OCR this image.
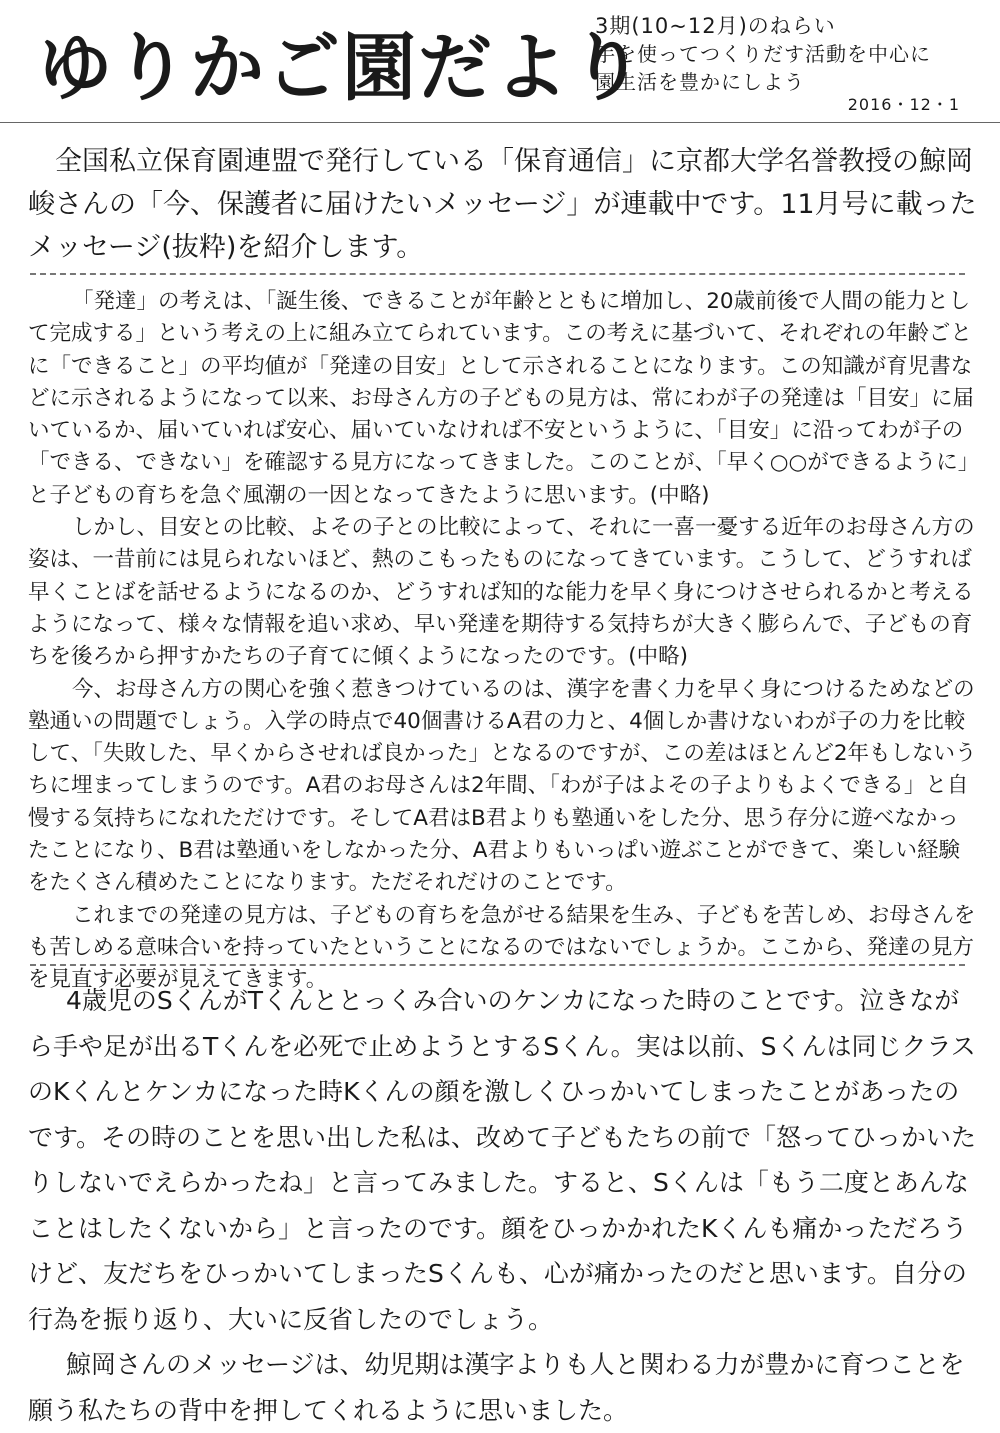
ゆりかご園だより
3期(10~12月)のねらい
手を使ってつくりだす活動を中心に
園生活を豊かにしよう
2016・12・1

全国私立保育園連盟で発行している「保育通信」に京都大学名誉教授の鯨岡峻さんの「今、保護者に届けたいメッセージ」が連載中です。11月号に載ったメッセージ(抜粋)を紹介します。

「発達」の考えは、「誕生後、できることが年齢とともに増加し、20歳前後で人間の能力として完成する」という考えの上に組み立てられています。この考えに基づいて、それぞれの年齢ごとに「できること」の平均値が「発達の目安」として示されることになります。この知識が育児書などに示されるようになって以来、お母さん方の子どもの見方は、常にわが子の発達は「目安」に届いているか、届いていれば安心、届いていなければ不安というように、「目安」に沿ってわが子の「できる、できない」を確認する見方になってきました。このことが、「早く○○ができるように」と子どもの育ちを急ぐ風潮の一因となってきたように思います。(中略)

しかし、目安との比較、よその子との比較によって、それに一喜一憂する近年のお母さん方の姿は、一昔前には見られないほど、熱のこもったものになってきています。こうして、どうすれば早くことばを話せるようになるのか、どうすれば知的な能力を早く身につけさせられるかと考えるようになって、様々な情報を追い求め、早い発達を期待する気持ちが大きく膨らんで、子どもの育ちを後ろから押すかたちの子育てに傾くようになったのです。(中略)

今、お母さん方の関心を強く惹きつけているのは、漢字を書く力を早く身につけるためなどの塾通いの問題でしょう。入学の時点で40個書けるA君の力と、4個しか書けないわが子の力を比較して、「失敗した、早くからさせれば良かった」となるのですが、この差はほとんど2年もしないうちに埋まってしまうのです。A君のお母さんは2年間、「わが子はよその子よりもよくできる」と自慢する気持ちになれただけです。そしてA君はB君よりも塾通いをした分、思う存分に遊べなかったことになり、B君は塾通いをしなかった分、A君よりもいっぱい遊ぶことができて、楽しい経験をたくさん積めたことになります。ただそれだけのことです。

これまでの発達の見方は、子どもの育ちを急がせる結果を生み、子どもを苦しめ、お母さんをも苦しめる意味合いを持っていたということになるのではないでしょうか。ここから、発達の見方を見直す必要が見えてきます。

4歳児のSくんがTくんととっくみ合いのケンカになった時のことです。泣きながら手や足が出るTくんを必死で止めようとするSくん。実は以前、Sくんは同じクラスのKくんとケンカになった時Kくんの顔を激しくひっかいてしまったことがあったのです。その時のことを思い出した私は、改めて子どもたちの前で「怒ってひっかいたりしないでえらかったね」と言ってみました。すると、Sくんは「もう二度とあんなことはしたくないから」と言ったのです。顔をひっかかれたKくんも痛かっただろうけど、友だちをひっかいてしまったSくんも、心が痛かったのだと思います。自分の行為を振り返り、大いに反省したのでしょう。

鯨岡さんのメッセージは、幼児期は漢字よりも人と関わる力が豊かに育つことを願う私たちの背中を押してくれるように思いました。
